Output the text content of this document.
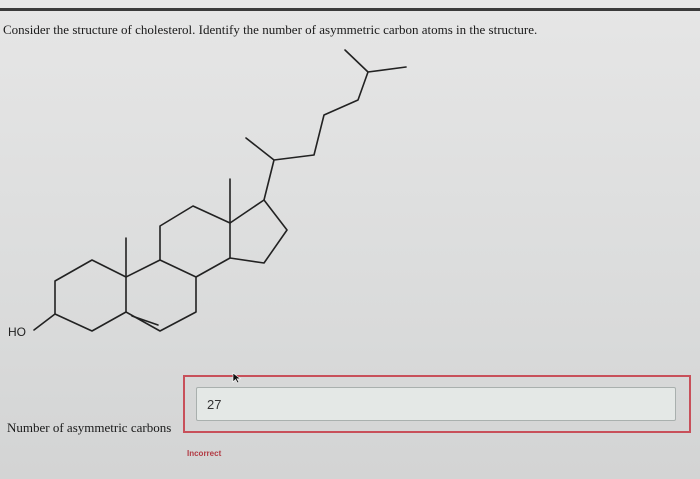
Consider the structure of cholesterol. Identify the number of asymmetric carbon atoms in the structure.
HO
Number of asymmetric carbons
27
Incorrect
